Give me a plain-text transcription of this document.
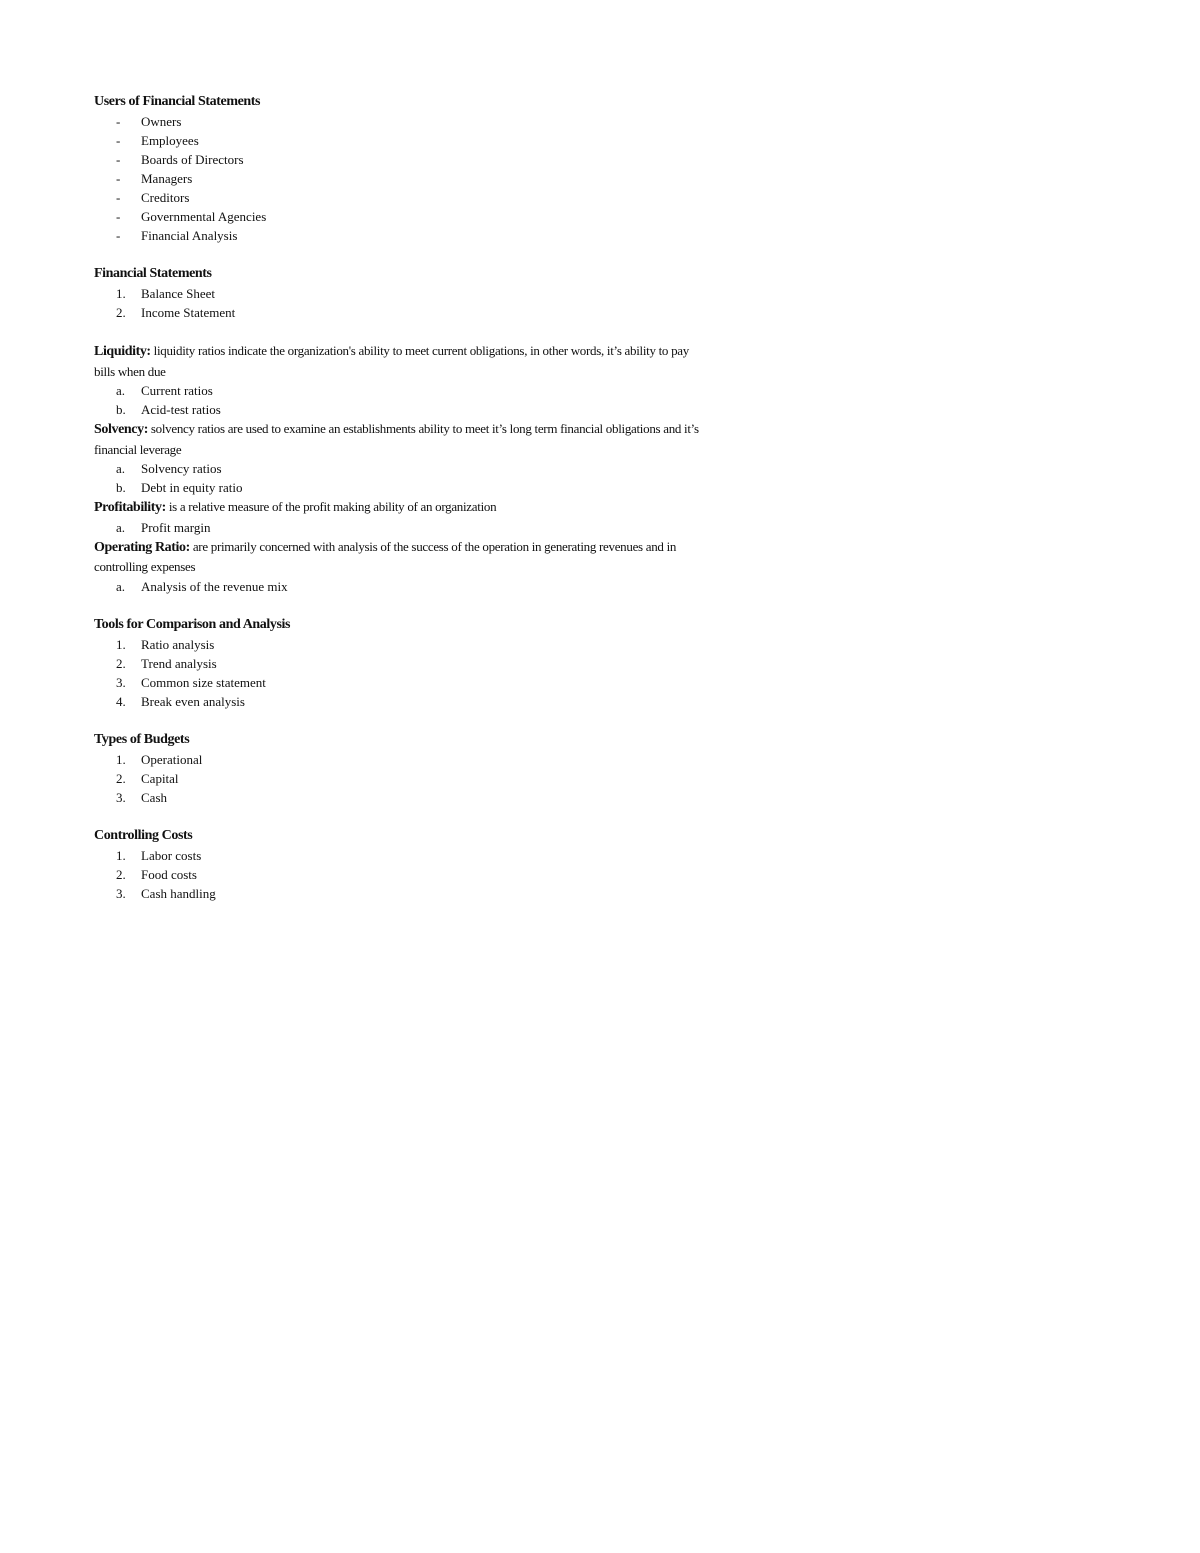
Users of Financial Statements
-	Owners
-	Employees
-	Boards of Directors
-	Managers
-	Creditors
-	Governmental Agencies
-	Financial Analysis
Financial Statements
1.	Balance Sheet
2.	Income Statement

Liquidity: liquidity ratios indicate the organization's ability to meet current obligations, in other words, it’s ability to pay bills when due

a.	Current ratios
b.	Acid-test ratios

Solvency: solvency ratios are used to examine an establishments ability to meet it’s long term financial obligations and it’s financial leverage

a.	Solvency ratios
b.	Debt in equity ratio

Profitability: is a relative measure of the profit making ability of an organization

a.	Profit margin

Operating Ratio: are primarily concerned with analysis of the success of the operation in generating revenues and in controlling expenses

a.	Analysis of the revenue mix
Tools for Comparison and Analysis
1.	Ratio analysis
2.	Trend analysis
3.	Common size statement
4.	Break even analysis
Types of Budgets
1.	Operational
2.	Capital
3.	Cash
Controlling Costs
1.	Labor costs
2.	Food costs
3.	Cash handling
